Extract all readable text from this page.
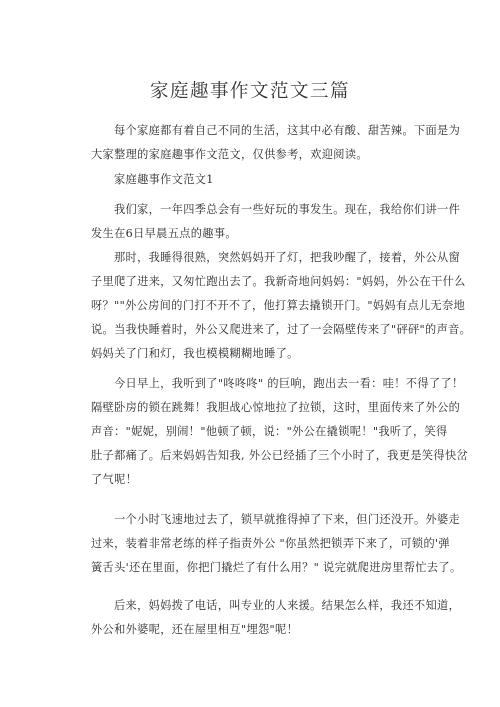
家庭趣事作文范文三篇

每个家庭都有着自己不同的生活，这其中必有酸、甜苦辣。下面是为
大家整理的家庭趣事作文范文，仅供参考，欢迎阅读。

家庭趣事作文范文1

我们家，一年四季总会有一些好玩的事发生。现在，我给你们讲一件
发生在6日早晨五点的趣事。

那时，我睡得很熟，突然妈妈开了灯，把我吵醒了，接着，外公从窗
子里爬了进来，又匆忙跑出去了。我新奇地问妈妈："妈妈，外公在干什么
呀？""外公房间的门打不开不了，他打算去撬锁开门。"妈妈有点儿无奈地
说。当我快睡着时，外公又爬进来了，过了一会隔壁传来了"砰砰"的声音。
妈妈关了门和灯，我也模模糊糊地睡了。

今日早上，我听到了"咚咚咚" 的巨响，跑出去一看：哇！不得了了！
隔壁卧房的锁在跳舞！我胆战心惊地拉了拉锁，这时，里面传来了外公的
声音："妮妮，别闹！"他顿了顿，说："外公在撬锁呢！"我听了，笑得
肚子都痛了。后来妈妈告知我, 外公已经插了三个小时了，我更是笑得快岔
了气呢！

一个小时飞速地过去了，锁早就推得掉了下来，但门还没开。外婆走
过来，装着非常老练的样子指责外公 "你虽然把锁弄下来了，可锁的'弹
簧舌头'还在里面，你把门撬烂了有什么用？" 说完就爬进房里帮忙去了。

后来，妈妈拨了电话，叫专业的人来援。结果怎么样，我还不知道，
外公和外婆呢，还在屋里相互"埋怨"呢！
